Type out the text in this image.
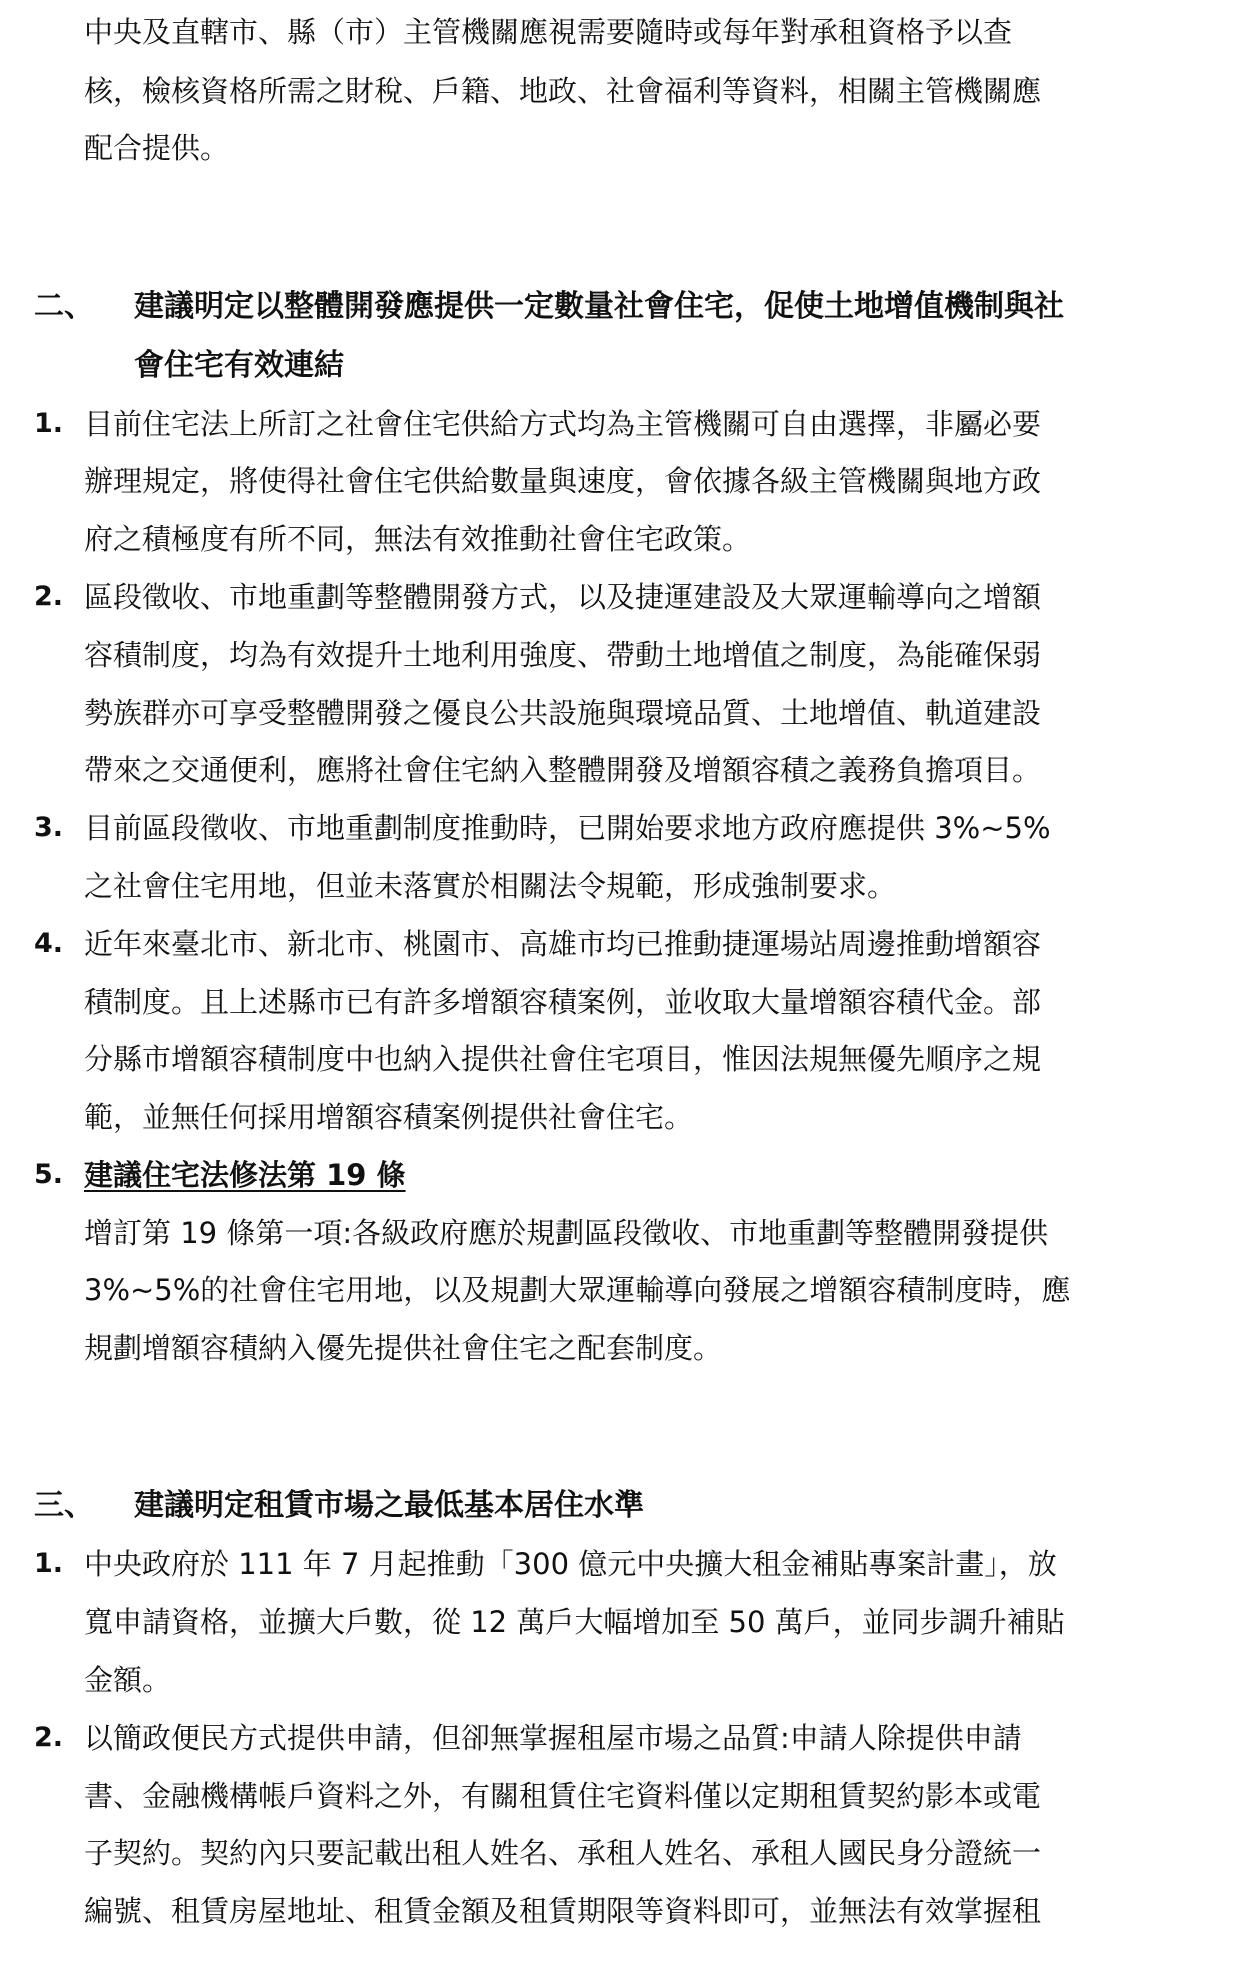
中央及直轄市、縣（市）主管機關應視需要隨時或每年對承租資格予以查

核，檢核資格所需之財稅、戶籍、地政、社會福利等資料，相關主管機關應

配合提供。

二、 建議明定以整體開發應提供一定數量社會住宅，促使土地增值機制與社
會住宅有效連結
1. 目前住宅法上所訂之社會住宅供給方式均為主管機關可自由選擇，非屬必要

辦理規定，將使得社會住宅供給數量與速度，會依據各級主管機關與地方政

府之積極度有所不同，無法有效推動社會住宅政策。

2. 區段徵收、市地重劃等整體開發方式，以及捷運建設及大眾運輸導向之增額

容積制度，均為有效提升土地利用強度、帶動土地增值之制度，為能確保弱

勢族群亦可享受整體開發之優良公共設施與環境品質、土地增值、軌道建設

帶來之交通便利，應將社會住宅納入整體開發及增額容積之義務負擔項目。

3. 目前區段徵收、市地重劃制度推動時，已開始要求地方政府應提供 3%~5%

之社會住宅用地，但並未落實於相關法令規範，形成強制要求。

4. 近年來臺北市、新北市、桃園市、高雄市均已推動捷運場站周邊推動增額容

積制度。且上述縣市已有許多增額容積案例，並收取大量增額容積代金。部

分縣市增額容積制度中也納入提供社會住宅項目，惟因法規無優先順序之規

範，並無任何採用增額容積案例提供社會住宅。

5. 建議住宅法修法第 19 條

增訂第 19 條第一項:各級政府應於規劃區段徵收、市地重劃等整體開發提供

3%~5%的社會住宅用地，以及規劃大眾運輸導向發展之增額容積制度時，應

規劃增額容積納入優先提供社會住宅之配套制度。

三、 建議明定租賃市場之最低基本居住水準
1. 中央政府於 111 年 7 月起推動「300 億元中央擴大租金補貼專案計畫」，放

寬申請資格，並擴大戶數，從 12 萬戶大幅增加至 50 萬戶，並同步調升補貼

金額。

2. 以簡政便民方式提供申請，但卻無掌握租屋市場之品質:申請人除提供申請

書、金融機構帳戶資料之外，有關租賃住宅資料僅以定期租賃契約影本或電

子契約。契約內只要記載出租人姓名、承租人姓名、承租人國民身分證統一

編號、租賃房屋地址、租賃金額及租賃期限等資料即可，並無法有效掌握租
